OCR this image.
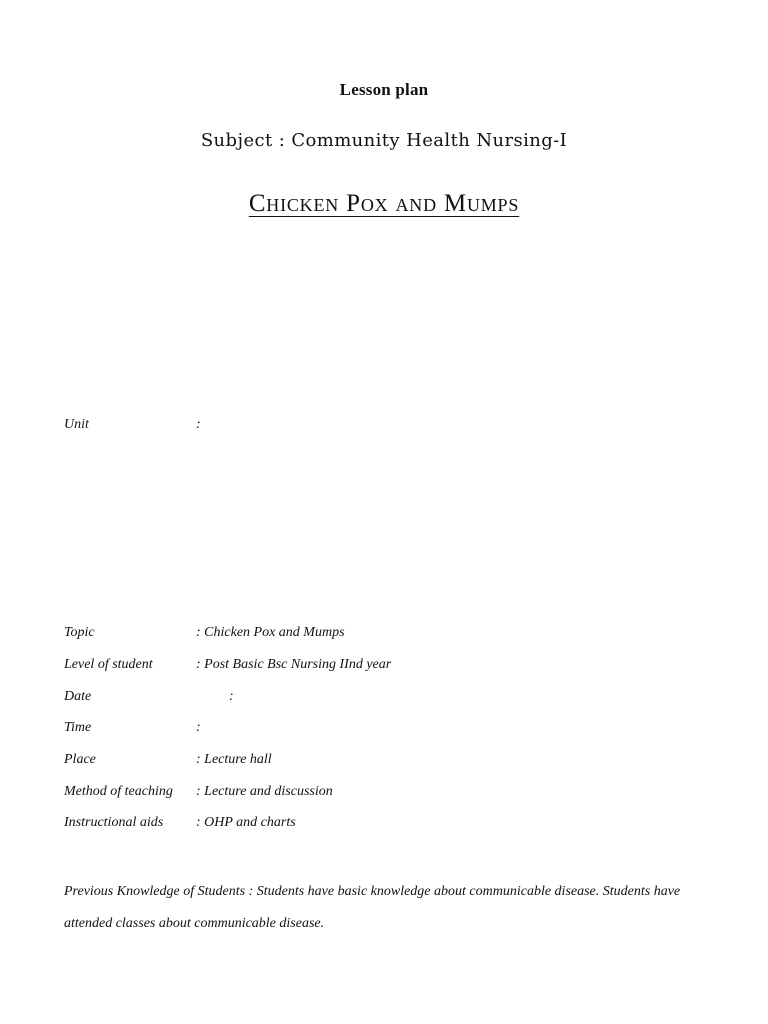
Lesson plan
Subject : Community Health Nursing-I
Chicken Pox and Mumps
Unit	:
Topic	: Chicken Pox and Mumps
Level of student	: Post Basic Bsc Nursing IInd year
Date	:
Time	:
Place	: Lecture hall
Method of teaching : Lecture and discussion
Instructional aids : OHP and charts
Previous Knowledge of Students : Students have basic knowledge about communicable disease. Students have attended classes about communicable disease.
